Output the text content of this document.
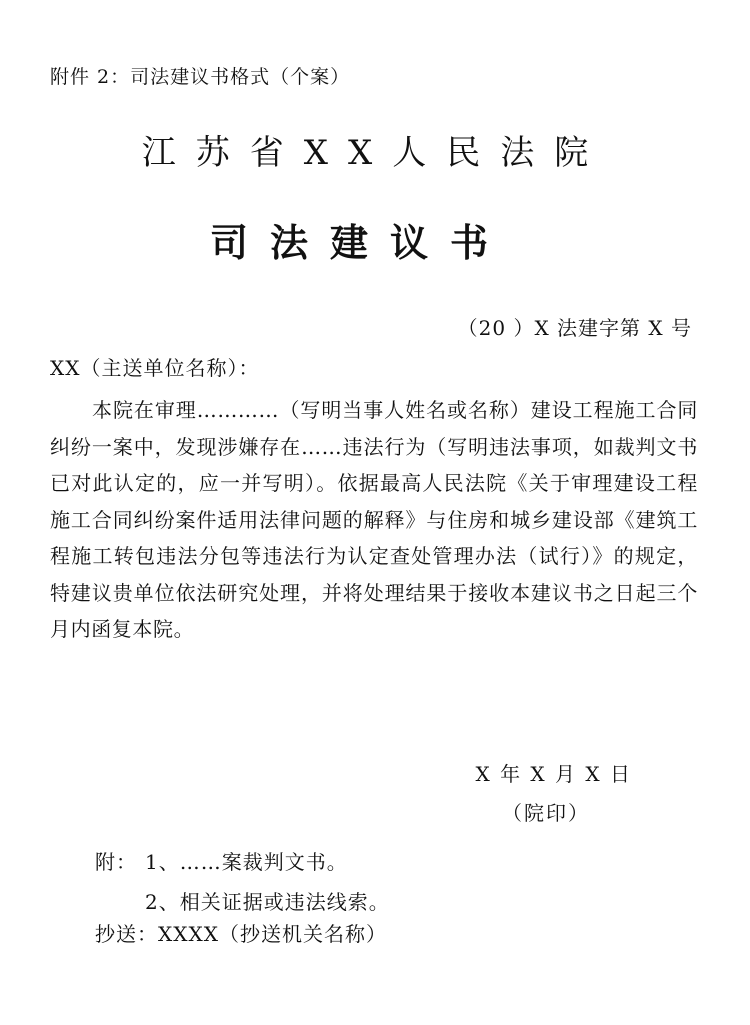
附件 2：司法建议书格式（个案）
江苏省XX人民法院
司法建议书
（20 ）X 法建字第 X 号
XX（主送单位名称）：

本院在审理…………（写明当事人姓名或名称）建设工程施工合同纠纷一案中，发现涉嫌存在……违法行为（写明违法事项，如裁判文书已对此认定的，应一并写明）。依据最高人民法院《关于审理建设工程施工合同纠纷案件适用法律问题的解释》与住房和城乡建设部《建筑工程施工转包违法分包等违法行为认定查处管理办法（试行）》的规定，特建议贵单位依法研究处理，并将处理结果于接收本建议书之日起三个月内函复本院。

X 年 X 月 X 日
（院印）
附： 1、……案裁判文书。
2、相关证据或违法线索。
抄送：XXXX（抄送机关名称）
